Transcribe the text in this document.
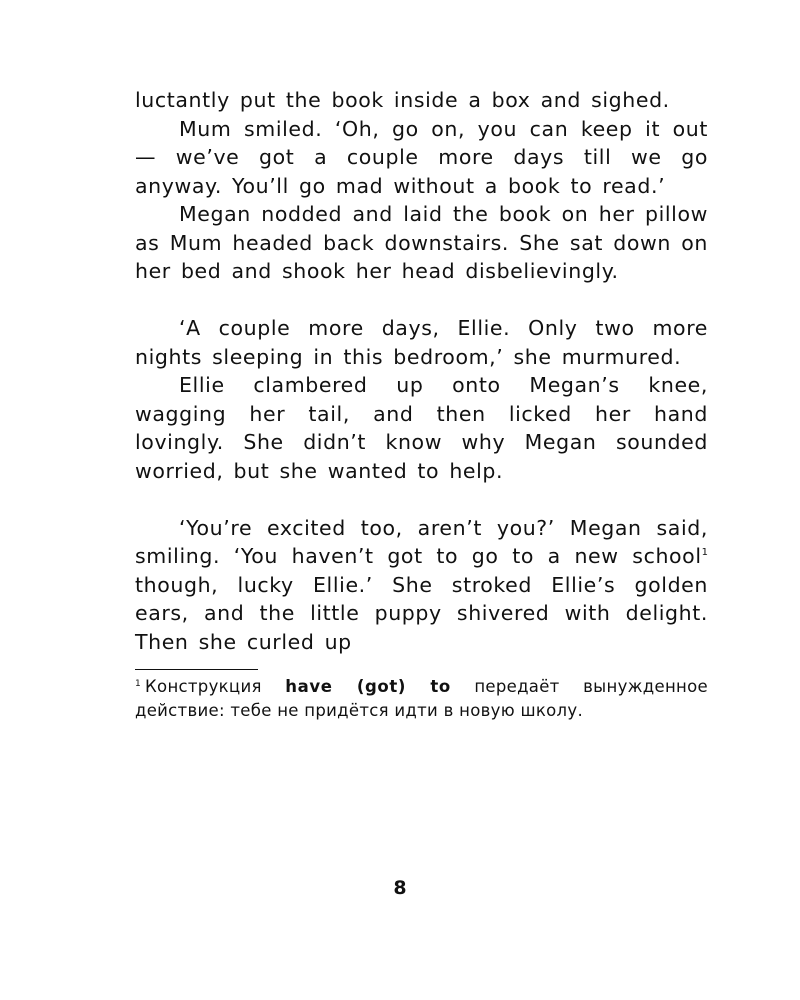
luctantly put the book inside a box and sighed.

Mum smiled. ‘Oh, go on, you can keep it out — we’ve got a couple more days till we go anyway. You’ll go mad without a book to read.’

Megan nodded and laid the book on her pillow as Mum headed back downstairs. She sat down on her bed and shook her head disbelievingly.

‘A couple more days, Ellie. Only two more nights sleeping in this bedroom,’ she murmured.

Ellie clambered up onto Megan’s knee, wagging her tail, and then licked her hand lovingly. She didn’t know why Megan sounded worried, but she wanted to help.

‘You’re excited too, aren’t you?’ Megan said, smiling. ‘You haven’t got to go to a new school$^1$ though, lucky Ellie.’ She stroked Ellie’s golden ears, and the little puppy shivered with delight. Then she curled up

$^1$ Конструкция have (got) to передаёт вынужденное действие: тебе не придётся идти в новую школу.

8
